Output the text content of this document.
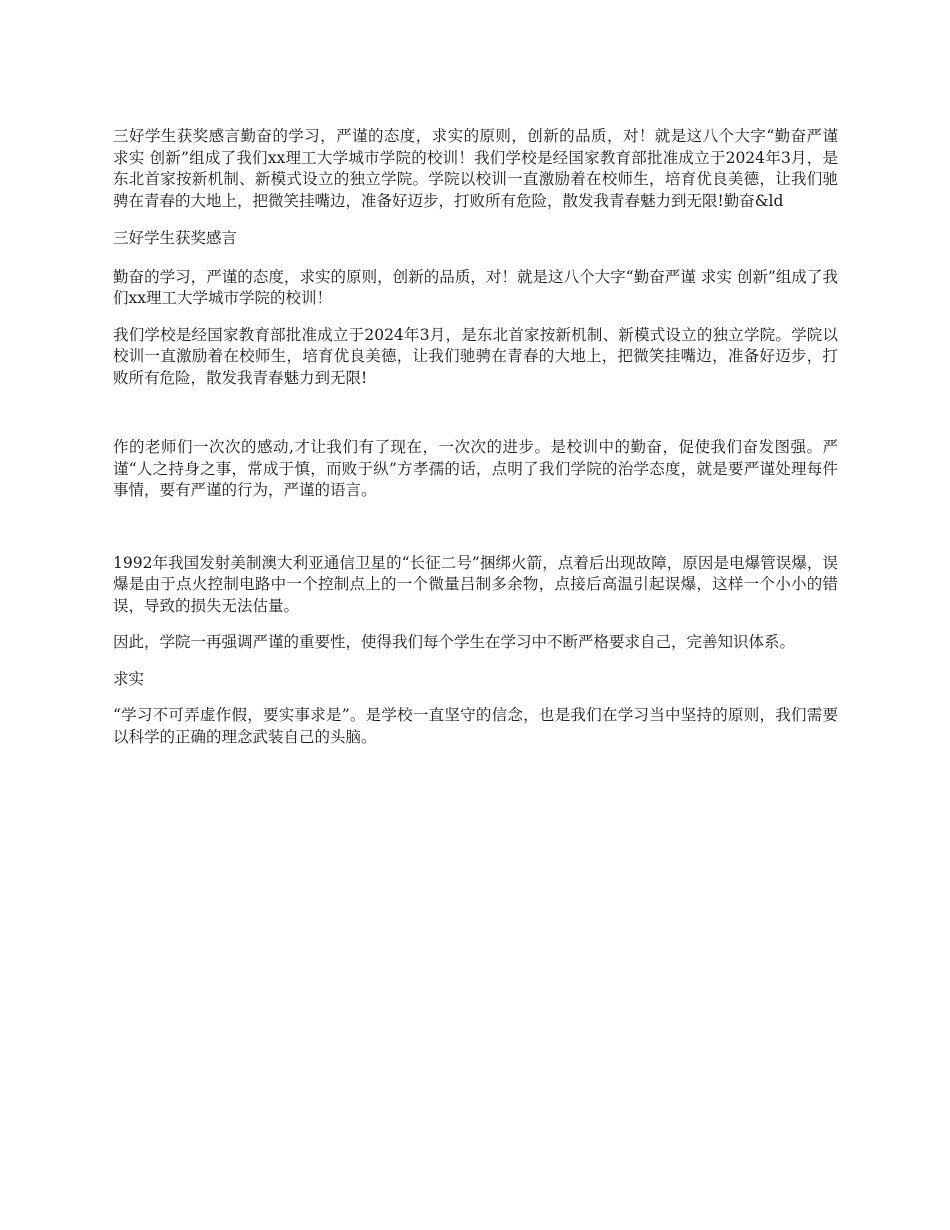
三好学生获奖感言勤奋的学习，严谨的态度，求实的原则，创新的品质，对！就是这八个大字“勤奋严谨 求实 创新”组成了我们xx理工大学城市学院的校训！我们学校是经国家教育部批准成立于2024年3月，是东北首家按新机制、新模式设立的独立学院。学院以校训一直激励着在校师生，培育优良美德，让我们驰骋在青春的大地上，把微笑挂嘴边，准备好迈步，打败所有危险，散发我青春魅力到无限!勤奋&ld

三好学生获奖感言

勤奋的学习，严谨的态度，求实的原则，创新的品质，对！就是这八个大字“勤奋严谨 求实 创新”组成了我们xx理工大学城市学院的校训！

我们学校是经国家教育部批准成立于2024年3月，是东北首家按新机制、新模式设立的独立学院。学院以校训一直激励着在校师生，培育优良美德，让我们驰骋在青春的大地上，把微笑挂嘴边，准备好迈步，打败所有危险，散发我青春魅力到无限!

作的老师们一次次的感动,才让我们有了现在，一次次的进步。是校训中的勤奋，促使我们奋发图强。严谨“人之持身之事，常成于慎，而败于纵”方孝孺的话，点明了我们学院的治学态度，就是要严谨处理每件事情，要有严谨的行为，严谨的语言。

1992年我国发射美制澳大利亚通信卫星的“长征二号”捆绑火箭，点着后出现故障，原因是电爆管误爆，误爆是由于点火控制电路中一个控制点上的一个微量吕制多余物，点接后高温引起误爆，这样一个小小的错误，导致的损失无法估量。

因此，学院一再强调严谨的重要性，使得我们每个学生在学习中不断严格要求自己，完善知识体系。

求实

“学习不可弄虚作假，要实事求是”。是学校一直坚守的信念，也是我们在学习当中坚持的原则，我们需要以科学的正确的理念武装自己的头脑。
